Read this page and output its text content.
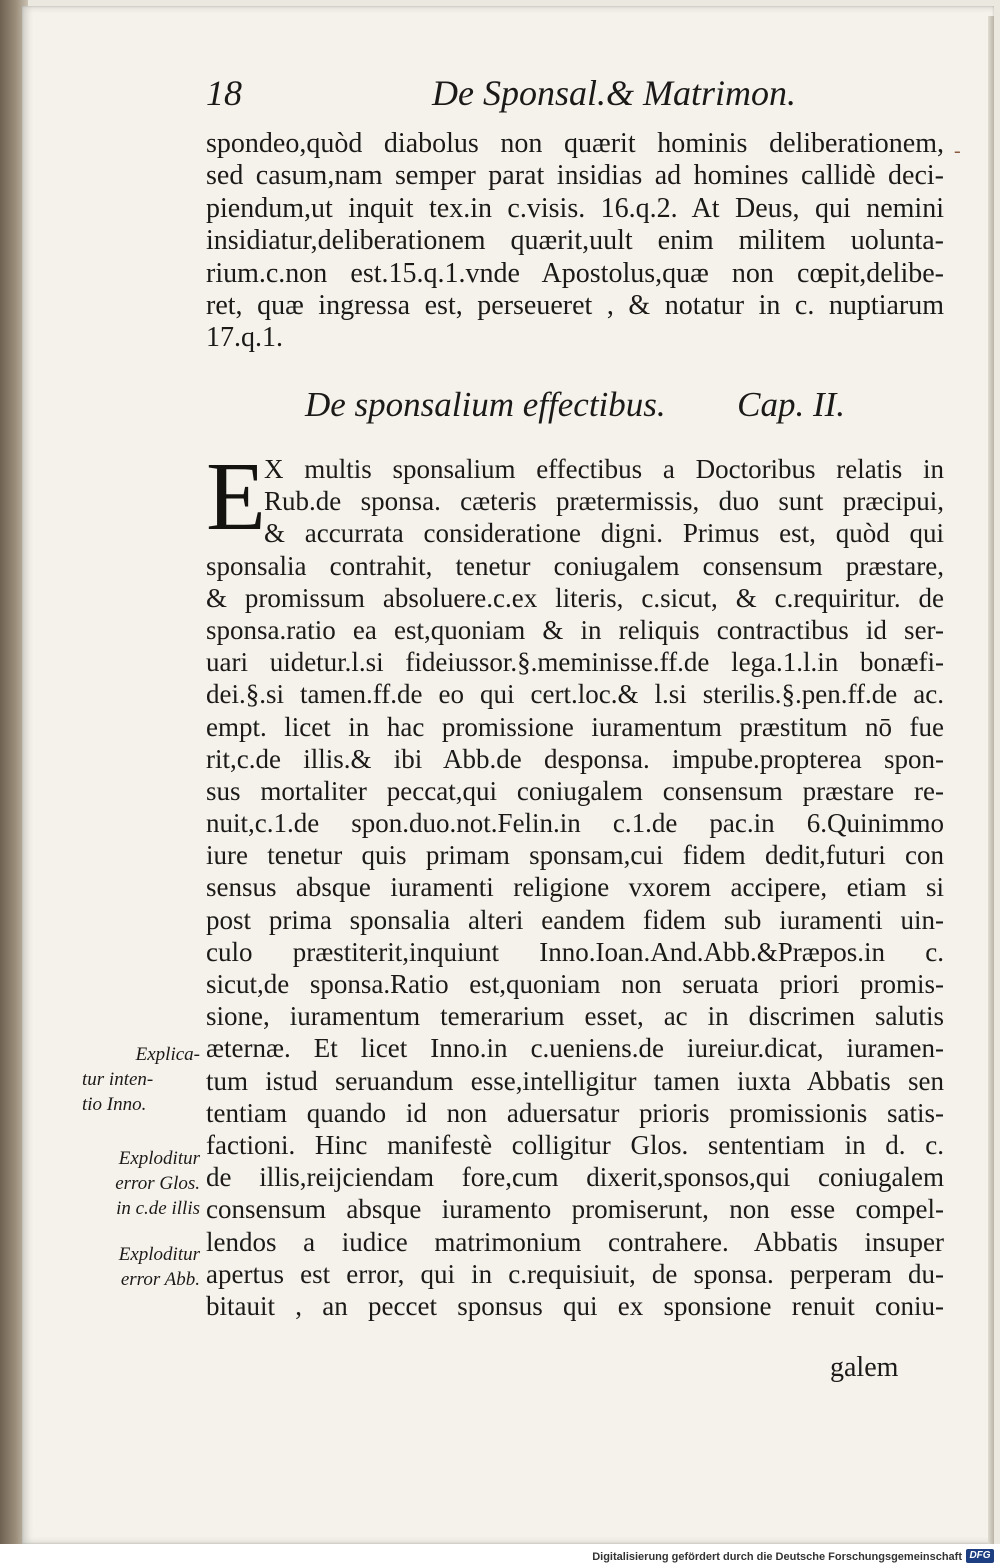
18	De Sponsal.& Matrimon.
spondeo,quòd diabolus non quærit hominis deliberationem,
sed casum,nam semper parat insidias ad homines callidè deci-
piendum,ut inquit tex.in c.visis. 16.q.2. At Deus, qui nemini
insidiatur,deliberationem quærit,uult enim militem uolunta-
rium.c.non est.15.q.1.vnde Apostolus,quæ non cœpit,delibe-
ret, quæ ingressa est, perseueret , & notatur in c. nuptiarum
17.q.1.
-
De sponsalium effectibus. Cap. II.
E
X multis sponsalium effectibus a Doctoribus relatis in
Rub.de sponsa. cæteris prætermissis, duo sunt præcipui,
& accurrata consideratione digni. Primus est, quòd qui
sponsalia contrahit, tenetur coniugalem consensum præstare,
& promissum absoluere.c.ex literis, c.sicut, & c.requiritur. de
sponsa.ratio ea est,quoniam & in reliquis contractibus id ser-
uari uidetur.l.si fideiussor.§.meminisse.ff.de lega.1.l.in bonæfi-
dei.§.si tamen.ff.de eo qui cert.loc.& l.si sterilis.§.pen.ff.de ac.
empt. licet in hac promissione iuramentum præstitum nō fue
rit,c.de illis.& ibi Abb.de desponsa. impube.propterea spon-
sus mortaliter peccat,qui coniugalem consensum præstare re-
nuit,c.1.de spon.duo.not.Felin.in c.1.de pac.in 6.Quinimmo
iure tenetur quis primam sponsam,cui fidem dedit,futuri con
sensus absque iuramenti religione vxorem accipere, etiam si
post prima sponsalia alteri eandem fidem sub iuramenti uin-
culo præstiterit,inquiunt Inno.Ioan.And.Abb.&Præpos.in c.
sicut,de sponsa.Ratio est,quoniam non seruata priori promis-
sione, iuramentum temerarium esset, ac in discrimen salutis
æternæ. Et licet Inno.in c.ueniens.de iureiur.dicat, iuramen-
tum istud seruandum esse,intelligitur tamen iuxta Abbatis sen
tentiam quando id non aduersatur prioris promissionis satis-
factioni. Hinc manifestè colligitur Glos. sententiam in d. c.
de illis,reijciendam fore,cum dixerit,sponsos,qui coniugalem
consensum absque iuramento promiserunt, non esse compel-
lendos a iudice matrimonium contrahere. Abbatis insuper
apertus est error, qui in c.requisiuit, de sponsa. perperam du-
bitauit , an peccet sponsus qui ex sponsione renuit coniu-
Explica-
tur inten-
tio Inno.
Exploditur
error Glos.
in c.de illis
Exploditur
error Abb.
galem
Digitalisierung gefördert durch die Deutsche Forschungsgemeinschaft DFG
